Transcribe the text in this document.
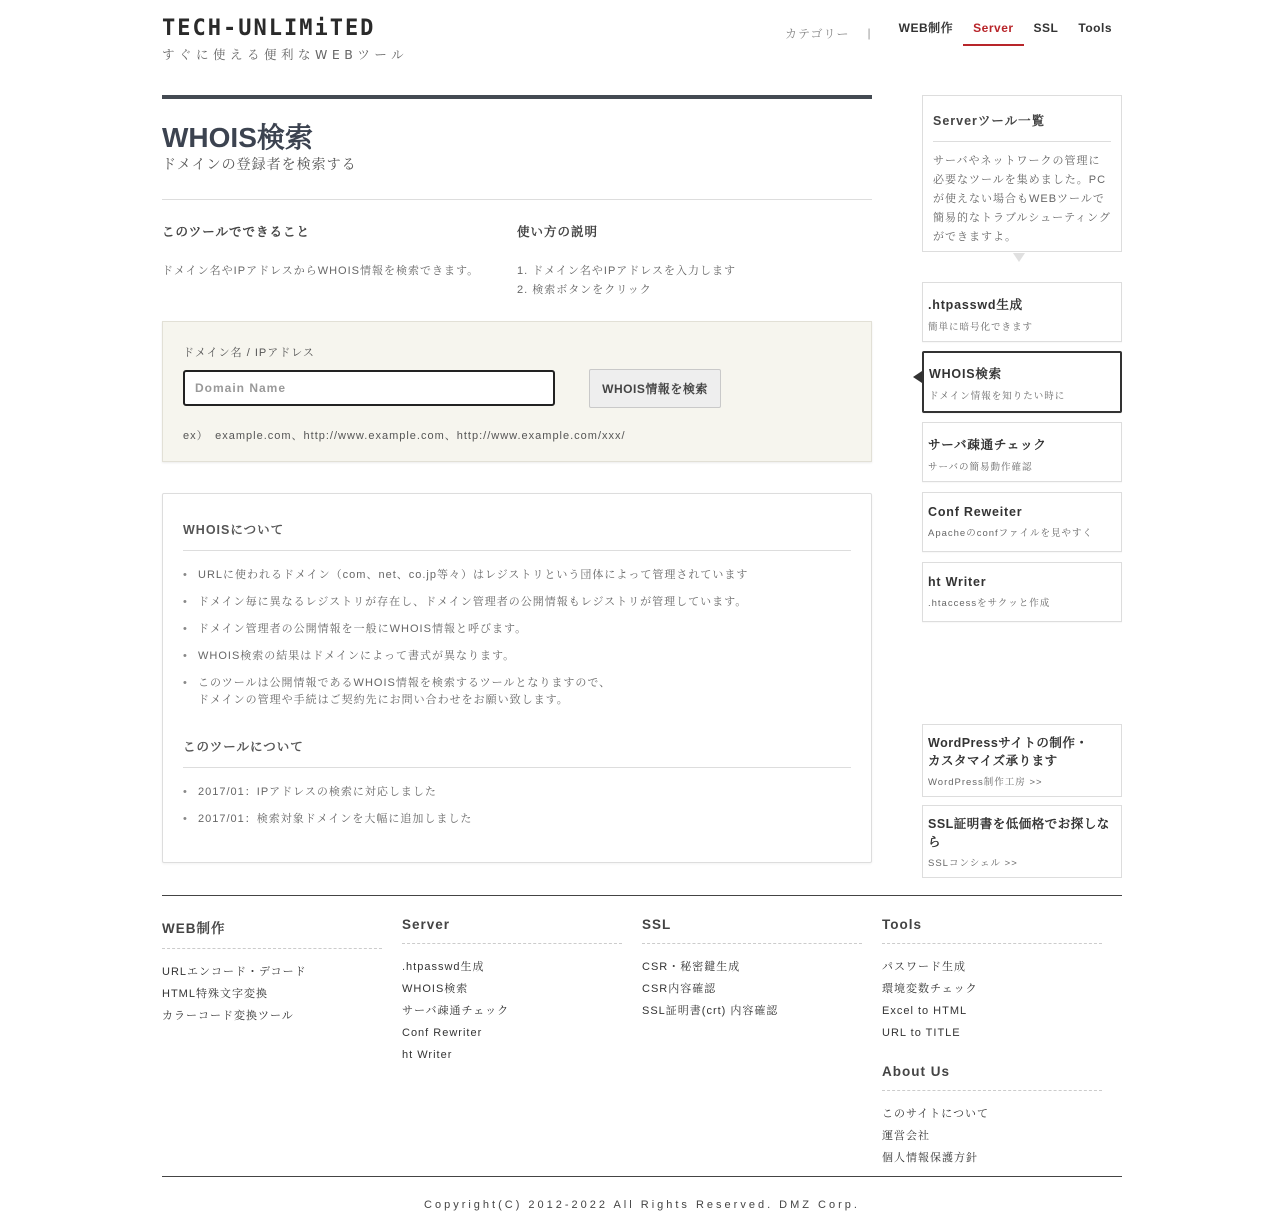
TECH-UNLIMiTED
すぐに使える便利なWEBツール
カテゴリー |	WEB制作	Server	SSL	Tools
WHOIS検索
ドメインの登録者を検索する
このツールでできること

ドメイン名やIPアドレスからWHOIS情報を検索できます。

使い方の説明
1. ドメイン名やIPアドレスを入力します
2. 検索ボタンをクリック
ドメイン名 / IPアドレス
Domain Name
WHOIS情報を検索
ex）　example.com、http://www.example.com、http://www.example.com/xxx/
WHOISについて
• URLに使われるドメイン（com、net、co.jp等々）はレジストリという団体によって管理されています
• ドメイン毎に異なるレジストリが存在し、ドメイン管理者の公開情報もレジストリが管理しています。
• ドメイン管理者の公開情報を一般にWHOIS情報と呼びます。
• WHOIS検索の結果はドメインによって書式が異なります。
• このツールは公開情報であるWHOIS情報を検索するツールとなりますので、
ドメインの管理や手続はご契約先にお問い合わせをお願い致します。
このツールについて
• 2017/01：IPアドレスの検索に対応しました
• 2017/01：検索対象ドメインを大幅に追加しました
Serverツール一覧

サーバやネットワークの管理に必要なツールを集めました。PCが使えない場合もWEBツールで簡易的なトラブルシューティングができますよ。

.htpasswd生成
簡単に暗号化できます
WHOIS検索
ドメイン情報を知りたい時に
サーバ疎通チェック
サーバの簡易動作確認
Conf Reweiter
Apacheのconfファイルを見やすく
ht Writer
.htaccessをサクッと作成
WordPressサイトの制作・
カスタマイズ承ります
WordPress制作工房 >>
SSL証明書を低価格でお探しなら
SSLコンシェル >>
WEB制作
URLエンコード・デコード
HTML特殊文字変換
カラーコード変換ツール
Server
.htpasswd生成
WHOIS検索
サーバ疎通チェック
Conf Rewriter
ht Writer
SSL
CSR・秘密鍵生成
CSR内容確認
SSL証明書(crt) 内容確認
Tools
パスワード生成
環境変数チェック
Excel to HTML
URL to TITLE
About Us
このサイトについて
運営会社
個人情報保護方針
Copyright(C) 2012-2022 All Rights Reserved. DMZ Corp.
